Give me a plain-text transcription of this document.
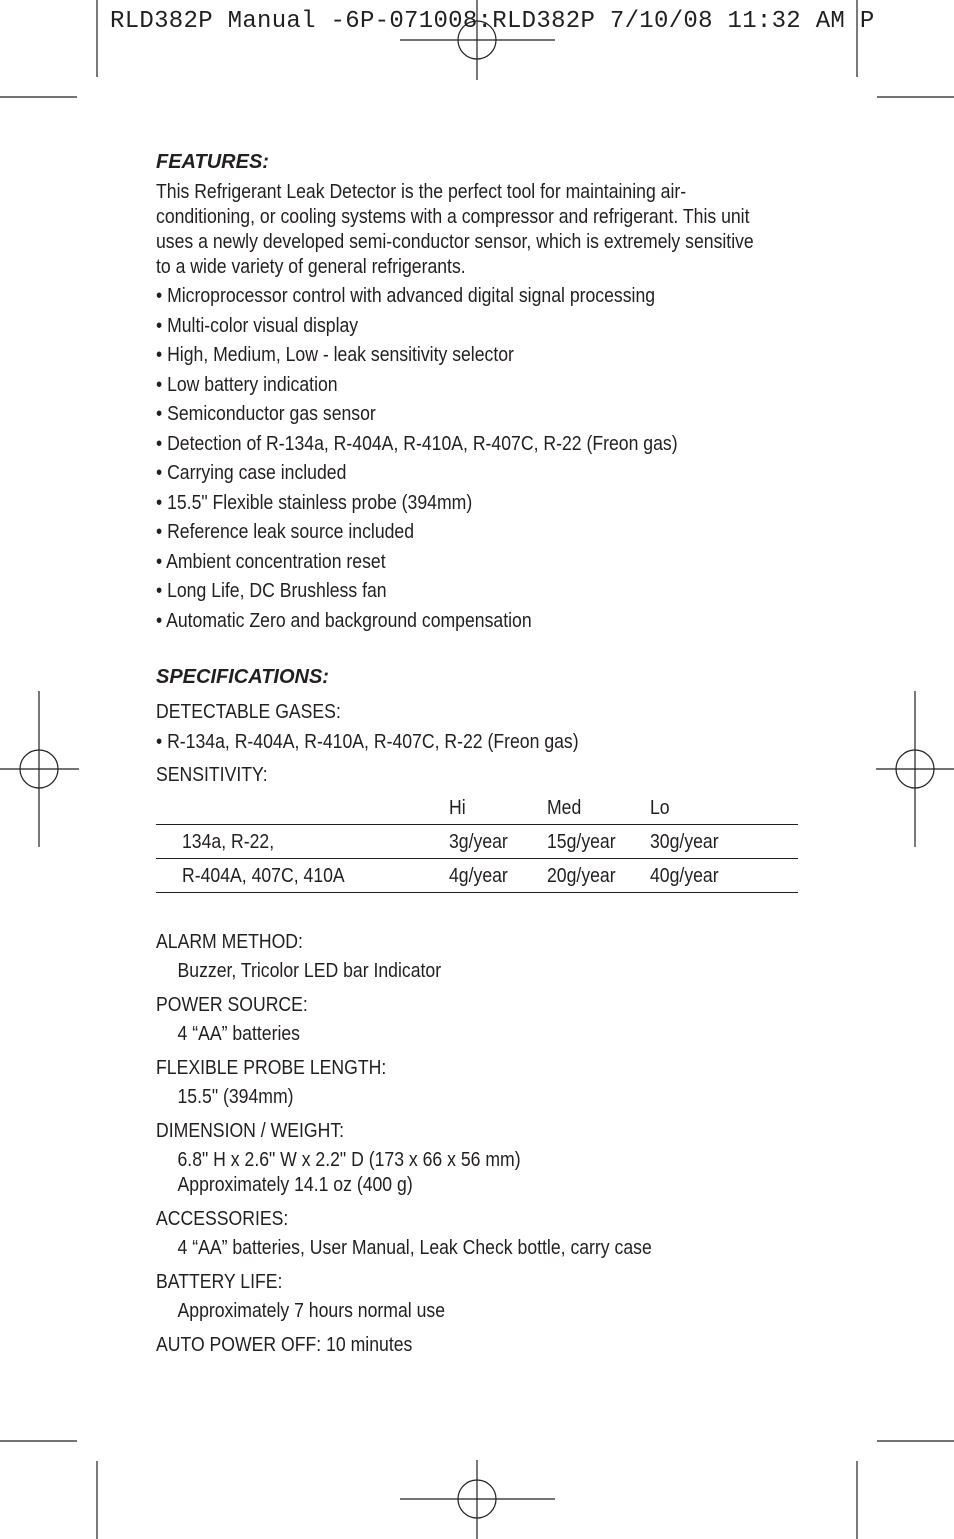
RLD382P Manual -6P-071008:RLD382P 7/10/08 11:32 AM P
FEATURES:
This Refrigerant Leak Detector is the perfect tool for maintaining air-
conditioning, or cooling systems with a compressor and refrigerant. This unit
uses a newly developed semi-conductor sensor, which is extremely sensitive
to a wide variety of general refrigerants.
• Microprocessor control with advanced digital signal processing
• Multi-color visual display
• High, Medium, Low - leak sensitivity selector
• Low battery indication
• Semiconductor gas sensor
• Detection of R-134a, R-404A, R-410A, R-407C, R-22 (Freon gas)
• Carrying case included
• 15.5" Flexible stainless probe (394mm)
• Reference leak source included
• Ambient concentration reset
• Long Life, DC Brushless fan
• Automatic Zero and background compensation
SPECIFICATIONS:
DETECTABLE GASES:
• R-134a, R-404A, R-410A, R-407C, R-22 (Freon gas)
SENSITIVITY:
	Hi	Med	Lo
134a, R-22,	3g/year	15g/year	30g/year
R-404A, 407C, 410A	4g/year	20g/year	40g/year
ALARM METHOD:
Buzzer, Tricolor LED bar Indicator
POWER SOURCE:
4 “AA” batteries
FLEXIBLE PROBE LENGTH:
15.5" (394mm)
DIMENSION / WEIGHT:
6.8" H x 2.6" W x 2.2" D (173 x 66 x 56 mm)
Approximately 14.1 oz (400 g)
ACCESSORIES:
4 “AA” batteries, User Manual, Leak Check bottle, carry case
BATTERY LIFE:
Approximately 7 hours normal use
AUTO POWER OFF: 10 minutes
